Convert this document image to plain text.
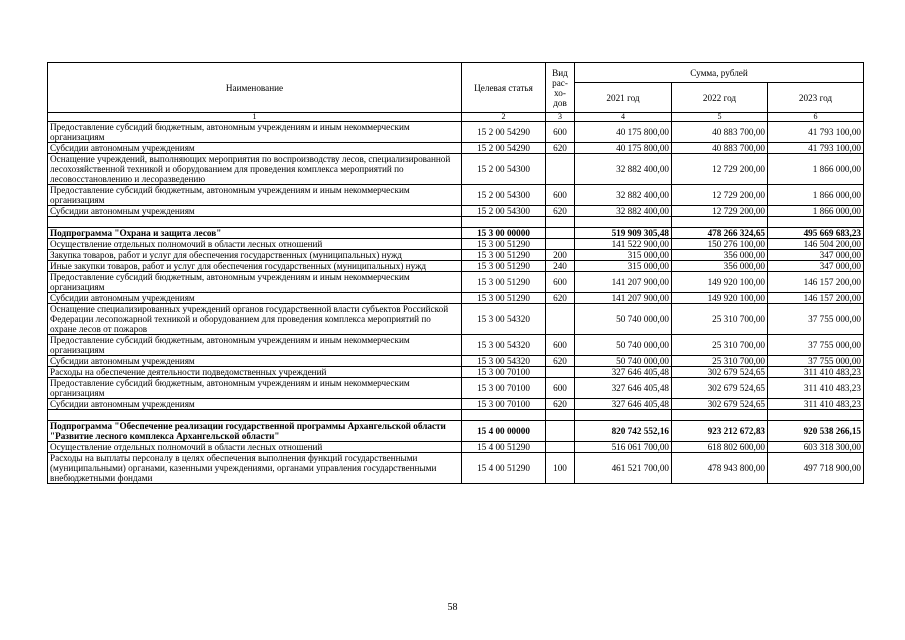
Наименование	Целевая статья	Вид
рас-
хо-
дов	Сумма, рублей		
			2021 год	2022 год	2023 год
1	2	3	4	5	6
Предоставление субсидий бюджетным, автономным учреждениям и иным некоммерческим организациям	15 2 00 54290	600	40 175 800,00	40 883 700,00	41 793 100,00
Субсидии автономным учреждениям	15 2 00 54290	620	40 175 800,00	40 883 700,00	41 793 100,00
Оснащение учреждений, выполняющих мероприятия по воспроизводству лесов, специализированной лесохозяйственной техникой и оборудованием для проведения комплекса мероприятий по лесовосстановлению и лесоразведению	15 2 00 54300		32 882 400,00	12 729 200,00	1 866 000,00
Предоставление субсидий бюджетным, автономным учреждениям и иным некоммерческим организациям	15 2 00 54300	600	32 882 400,00	12 729 200,00	1 866 000,00
Субсидии автономным учреждениям	15 2 00 54300	620	32 882 400,00	12 729 200,00	1 866 000,00

Подпрограмма "Охрана и защита лесов"	15 3 00 00000		519 909 305,48	478 266 324,65	495 669 683,23
Осуществление отдельных полномочий в области лесных отношений	15 3 00 51290		141 522 900,00	150 276 100,00	146 504 200,00
Закупка товаров, работ и услуг для обеспечения государственных (муниципальных) нужд	15 3 00 51290	200	315 000,00	356 000,00	347 000,00
Иные закупки товаров, работ и услуг для обеспечения государственных (муниципальных) нужд	15 3 00 51290	240	315 000,00	356 000,00	347 000,00
Предоставление субсидий бюджетным, автономным учреждениям и иным некоммерческим организациям	15 3 00 51290	600	141 207 900,00	149 920 100,00	146 157 200,00
Субсидии автономным учреждениям	15 3 00 51290	620	141 207 900,00	149 920 100,00	146 157 200,00
Оснащение специализированных учреждений органов государственной власти субъектов Российской Федерации лесопожарной техникой и оборудованием для проведения комплекса мероприятий по охране лесов от пожаров	15 3 00 54320		50 740 000,00	25 310 700,00	37 755 000,00
Предоставление субсидий бюджетным, автономным учреждениям и иным некоммерческим организациям	15 3 00 54320	600	50 740 000,00	25 310 700,00	37 755 000,00
Субсидии автономным учреждениям	15 3 00 54320	620	50 740 000,00	25 310 700,00	37 755 000,00
Расходы на обеспечение деятельности подведомственных учреждений	15 3 00 70100		327 646 405,48	302 679 524,65	311 410 483,23
Предоставление субсидий бюджетным, автономным учреждениям и иным некоммерческим организациям	15 3 00 70100	600	327 646 405,48	302 679 524,65	311 410 483,23
Субсидии автономным учреждениям	15 3 00 70100	620	327 646 405,48	302 679 524,65	311 410 483,23

Подпрограмма "Обеспечение реализации государственной программы Архангельской области "Развитие лесного комплекса Архангельской области"	15 4 00 00000		820 742 552,16	923 212 672,83	920 538 266,15
Осуществление отдельных полномочий в области лесных отношений	15 4 00 51290		516 061 700,00	618 802 600,00	603 318 300,00
Расходы на выплаты персоналу в целях обеспечения выполнения функций государственными (муниципальными) органами, казенными учреждениями, органами управления государственными внебюджетными фондами	15 4 00 51290	100	461 521 700,00	478 943 800,00	497 718 900,00
58
